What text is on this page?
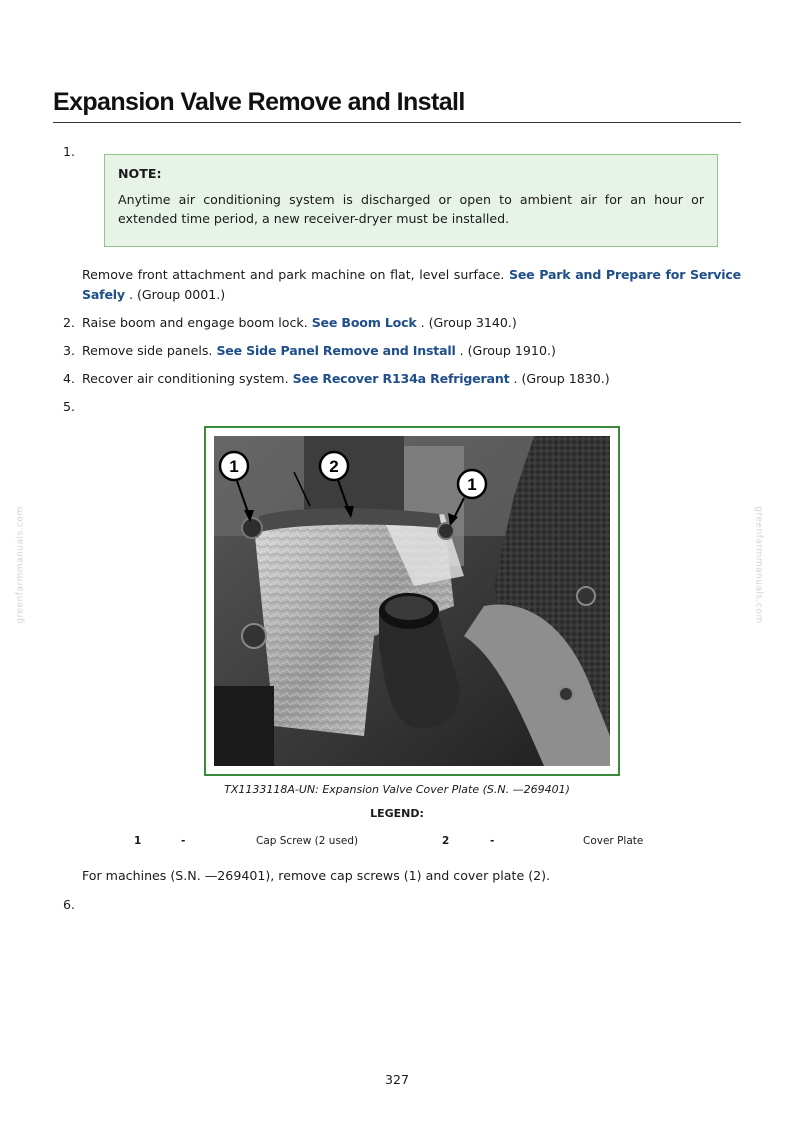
Expansion Valve Remove and Install
1.

NOTE:

Anytime air conditioning system is discharged or open to ambient air for an hour or extended time period, a new receiver-dryer must be installed.

Remove front attachment and park machine on flat, level surface. See Park and Prepare for Service Safely . (Group 0001.)

2. Raise boom and engage boom lock. See Boom Lock . (Group 3140.)

3. Remove side panels. See Side Panel Remove and Install . (Group 1910.)

4. Recover air conditioning system. See Recover R134a Refrigerant . (Group 1830.)

5.
1	2
1

TX1133118A-UN: Expansion Valve Cover Plate (S.N. —269401)

LEGEND:

1	-	Cap Screw (2 used)	2	-	Cover Plate

For machines (S.N. —269401), remove cap screws (1) and cover plate (2).

6.
greenfarmmanuals.com	greenfarmmanuals.com
327
